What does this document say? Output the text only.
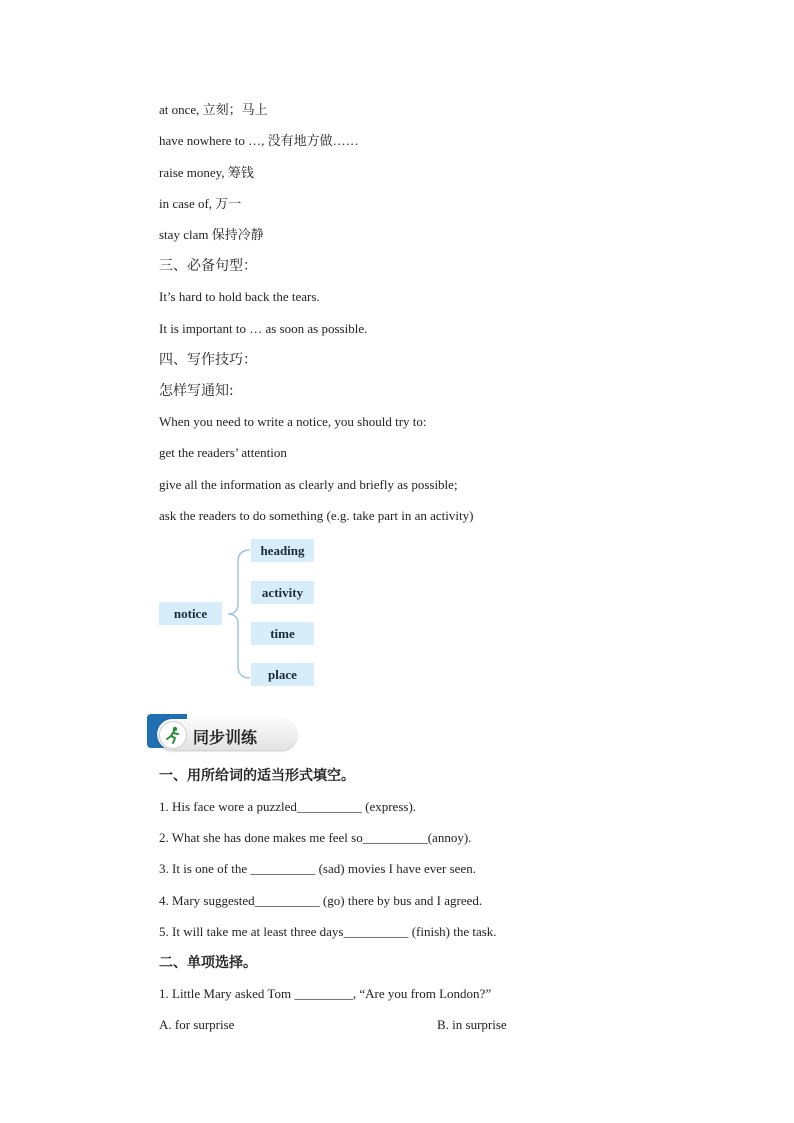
at once, 立刻；马上
have nowhere to …, 没有地方做……
raise money, 筹钱
in case of, 万一
stay clam 保持冷静
三、必备句型：
It’s hard to hold back the tears.
It is important to … as soon as possible.
四、写作技巧：
怎样写通知:
When you need to write a notice, you should try to:
get the readers’ attention
give all the information as clearly and briefly as possible;
ask the readers to do something (e.g. take part in an activity)
notice
heading
activity
time
place
同步训练
一、用所给词的适当形式填空。
1. His face wore a puzzled__________ (express).
2. What she has done makes me feel so__________(annoy).
3. It is one of the __________ (sad) movies I have ever seen.
4. Mary suggested__________ (go) there by bus and I agreed.
5. It will take me at least three days__________ (finish) the task.
二、单项选择。
1. Little Mary asked Tom _________, “Are you from London?”
A. for surprise	B. in surprise
